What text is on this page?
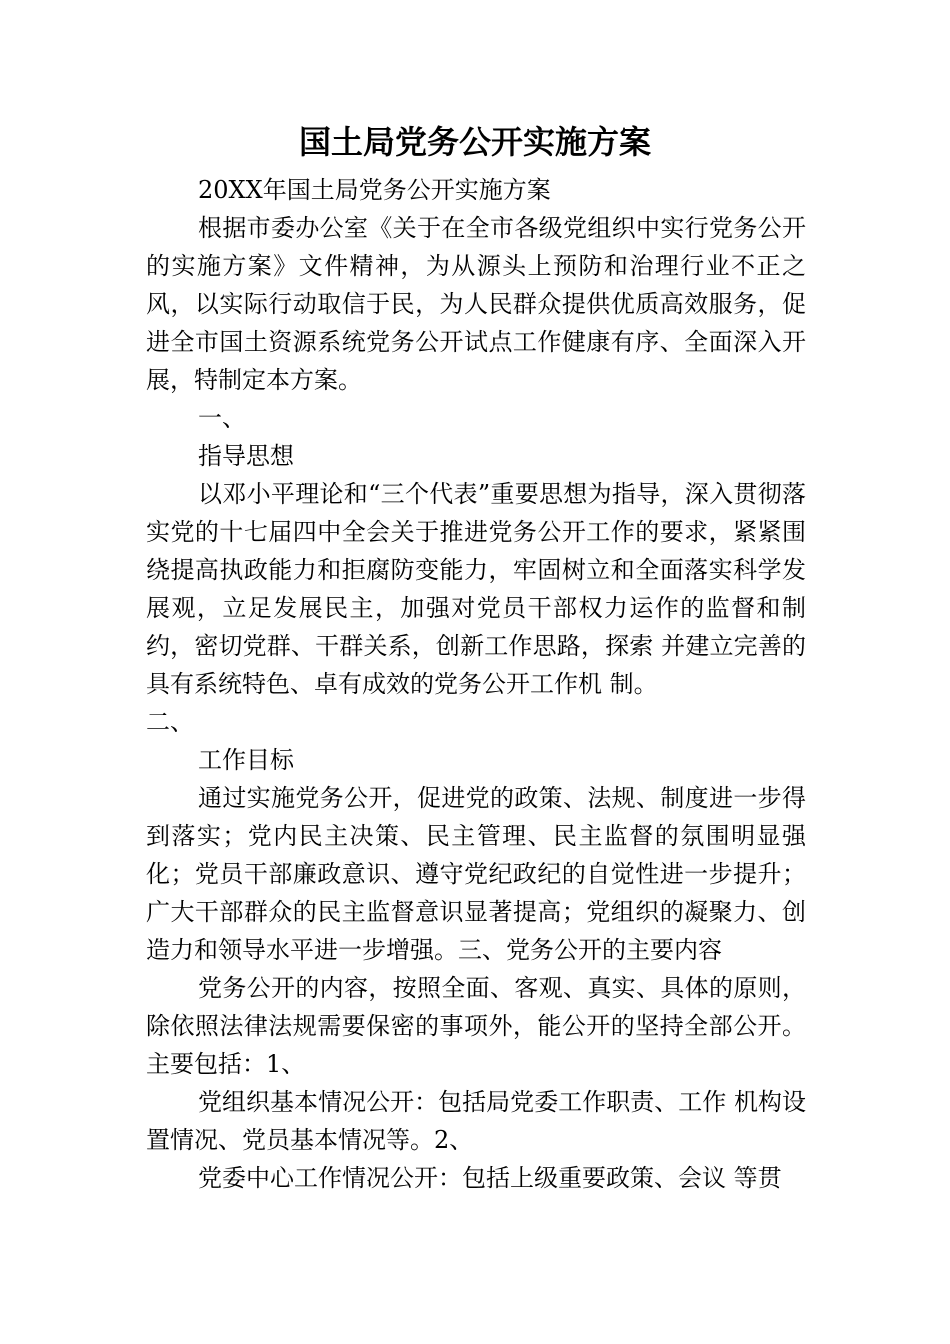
国土局党务公开实施方案

20XX年国土局党务公开实施方案

根据市委办公室《关于在全市各级党组织中实行党务公开的实施方案》文件精神，为从源头上预防和治理行业不正之风，以实际行动取信于民，为人民群众提供优质高效服务，促进全市国土资源系统党务公开试点工作健康有序、全面深入开展，特制定本方案。

一、

指导思想

以邓小平理论和“三个代表”重要思想为指导，深入贯彻落实党的十七届四中全会关于推进党务公开工作的要求，紧紧围绕提高执政能力和拒腐防变能力，牢固树立和全面落实科学发展观，立足发展民主，加强对党员干部权力运作的监督和制约，密切党群、干群关系，创新工作思路，探索 并建立完善的具有系统特色、卓有成效的党务公开工作机 制。

二、

工作目标

通过实施党务公开，促进党的政策、法规、制度进一步得到落实；党内民主决策、民主管理、民主监督的氛围明显强化；党员干部廉政意识、遵守党纪政纪的自觉性进一步提升；广大干部群众的民主监督意识显著提高；党组织的凝聚力、创造力和领导水平进一步增强。三、党务公开的主要内容

党务公开的内容，按照全面、客观、真实、具体的原则，除依照法律法规需要保密的事项外，能公开的坚持全部公开。主要包括：1、

党组织基本情况公开：包括局党委工作职责、工作 机构设置情况、党员基本情况等。2、

党委中心工作情况公开：包括上级重要政策、会议 等贯
